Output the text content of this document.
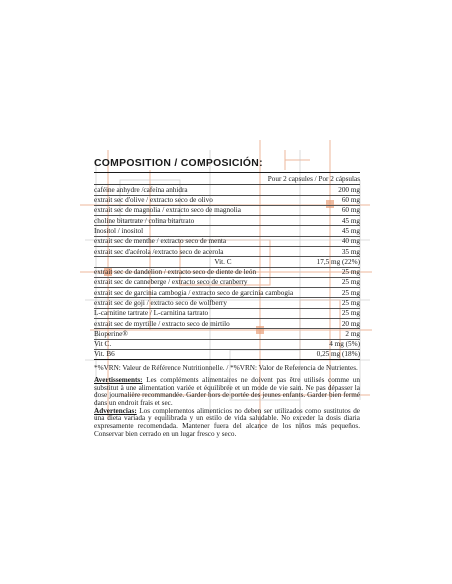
COMPOSITION / COMPOSICIÓN:
Pour 2 capsules / Por 2 cápsulas
caféine anhydre /cafeína anhidra	200 mg
extrait sec d'olive / extracto seco de olivo	60 mg
extrait sec de magnolia / extracto seco de magnolia	60 mg
choline bitartrate / colina bitartrato	45 mg
Inositol / inositol	45 mg
extrait sec de menthe / extracto seco de menta	40 mg
extrait sec d'acérola /extracto seco de acerola	35 mg
Vit. C	17,5 mg (22%)
extrait sec de dandelion / extracto seco de diente de león	25 mg
extrait sec de canneberge / extracto seco de cranberry	25 mg
extrait sec de garcinia cambogia / extracto seco de garcinia cambogia	25 mg
extrait sec de goji / extracto seco de wolfberry	25 mg
L-carnitine tartrate / L-carnitina tartrato	25 mg
extrait sec de myrtille / extracto seco de mirtilo	20 mg
Bioperine®	2 mg
Vit C.	4 mg (5%)
Vit. B6	0,25 mg (18%)
*%VRN: Valeur de Référence Nutritionnelle. / *%VRN: Valor de Referencia de Nutrientes.
Avertissements: Les compléments alimentaires ne doivent pas être utilisés comme un substitut à une alimentation variée et équilibrée et un mode de vie sain. Ne pas dépasser la dose journalière recommandée. Garder hors de portée des jeunes enfants. Garder bien fermé dans un endroit frais et sec.
Advertencias: Los complementos alimenticios no deben ser utilizados como sustitutos de una dieta variada y equilibrada y un estilo de vida saludable. No exceder la dosis diaria expresamente recomendada. Mantener fuera del alcance de los niños más pequeños. Conservar bien cerrado en un lugar fresco y seco.
